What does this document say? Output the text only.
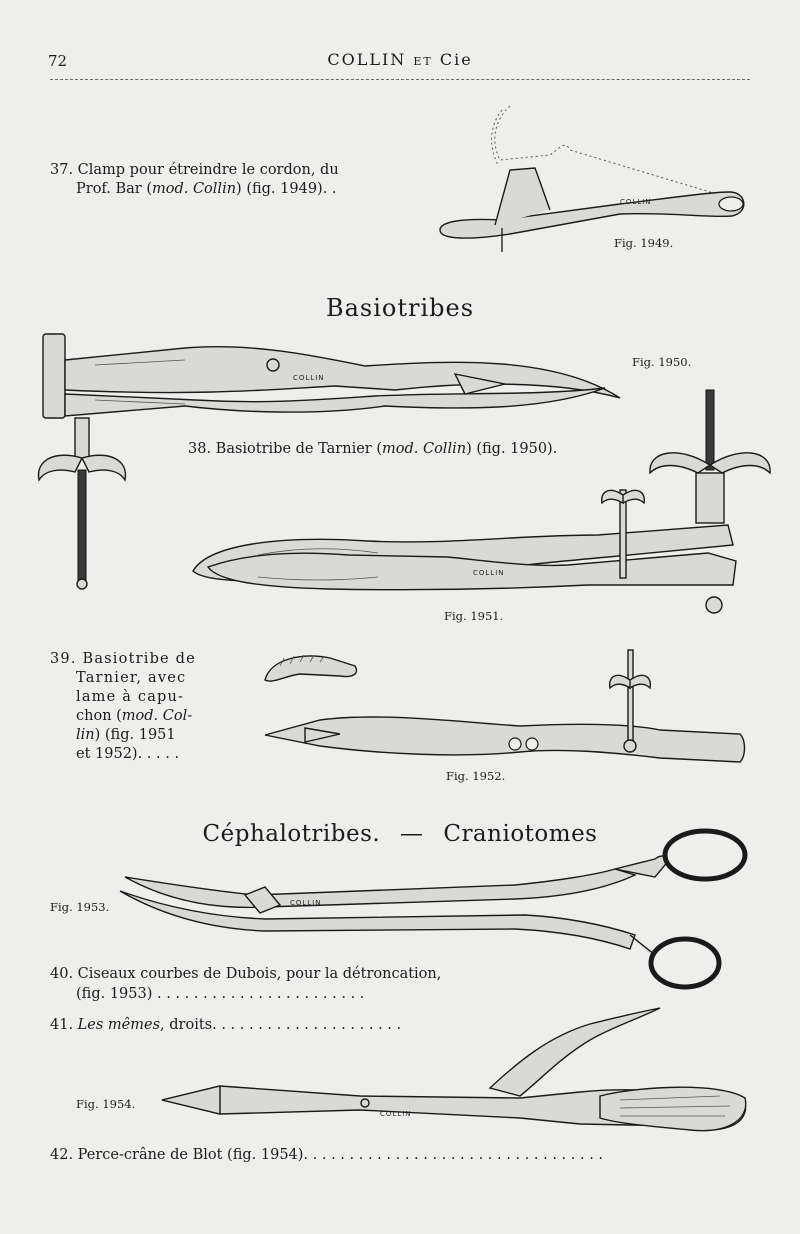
72	COLLIN ET Cie
37. Clamp pour étreindre le cordon, du
Prof. Bar (mod. Collin) (fig. 1949). .
COLLIN
Fig. 1949.
Basiotribes
COLLIN
Fig. 1950.
38. Basiotribe de Tarnier (mod. Collin) (fig. 1950).
COLLIN
Fig. 1951.
39. Basiotribe de
Tarnier, avec
lame à capu-
chon (mod. Col-
lin) (fig. 1951
et 1952). . . . .
Fig. 1952.
Céphalotribes. — Craniotomes
Fig. 1953.	COLLIN
40. Ciseaux courbes de Dubois, pour la détroncation,
(fig. 1953) . . . . . . . . . . . . . . . . . . . . . . .
41. Les mêmes, droits. . . . . . . . . . . . . . . . . . . . .
Fig. 1954.
COLLIN
42. Perce-crâne de Blot (fig. 1954). . . . . . . . . . . . . . . . . . . . . . . . . . . . . . . . .
